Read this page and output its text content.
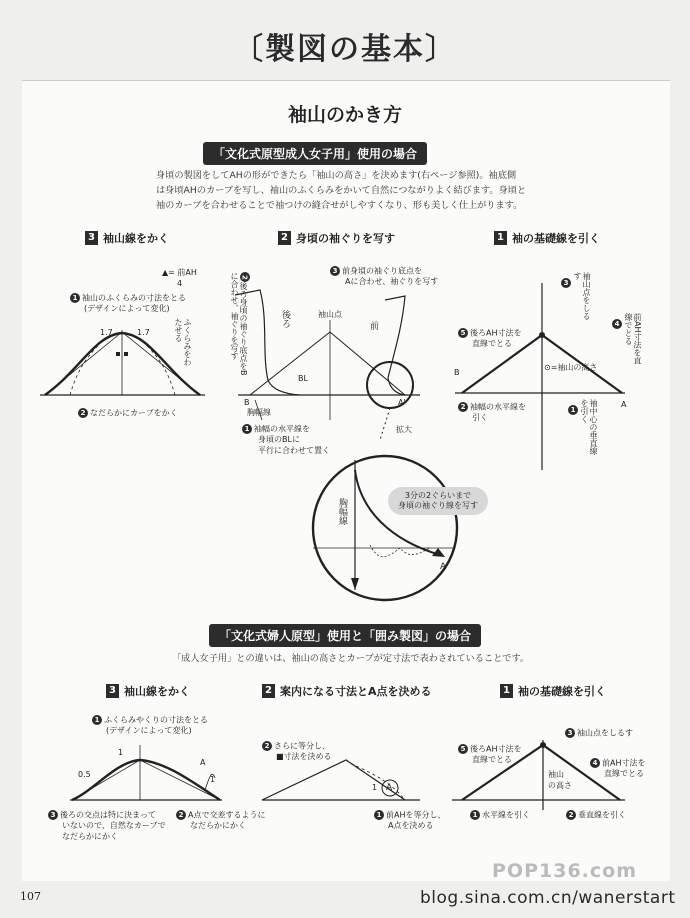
〔製図の基本〕
袖山のかき方
「文化式原型成人女子用」使用の場合
身頃の製図をしてAHの形ができたら「袖山の高さ」を決めます(右ページ参照)。袖底側
は身頃AHのカーブを写し、袖山のふくらみをかいて自然につながりよく結びます。身頃と
袖のカーブを合わせることで袖つけの縫合せがしやすくなり、形も美しく仕上がります。
3 袖山線をかく	2 身頃の袖ぐりを写す	1 袖の基礎線を引く
▲= 前AH
4
1 袖山のふくらみの寸法をとる
(デザインによって変化)
ふくらみをわたせる
1.7	1.7
2 なだらかにカーブをかく
2後ろ身頃の袖ぐり底点をBに合わせ、袖ぐりを写す
3 前身頃の袖ぐり底点を
Aに合わせ、袖ぐりを写す
後ろ	前
袖山点
BL
胸幅線
B	A'
1 袖幅の水平線を
身頃のBLに
平行に合わせて置く
拡大
胸幅線
3分の2ぐらいまで
身頃の袖ぐり線を写す
A
3 袖山点をしるす
5 後ろAH寸法を
直線でとる
4 前AH寸法を直線でとる
⊙=袖山の高さ
B
A
2 袖幅の水平線を
引く
1 袖中心の垂直線を引く
「文化式婦人原型」使用と「囲み製図」の場合
「成人女子用」との違いは、袖山の高さとカーブが定寸法で表わされていることです。
3 袖山線をかく	2 案内になる寸法とA点を決める	1 袖の基礎線を引く
1 ふくらみやくりの寸法をとる
(デザインによって変化)
1
0.5
1
A
3 後ろの交点は特に決まって
いないので、自然なカーブで
なだらかにかく
2 A点で交差するように
なだらかにかく
2 さらに等分し、
■寸法を決める
A
1
1 前AHを等分し、
A点を決める
3 袖山点をしるす
5 後ろAH寸法を
直線でとる	4 前AH寸法を
直線でとる
袖山
の高さ
1 水平線を引く	2 垂直線を引く
107
POP136.com
blog.sina.com.cn/wanerstart
